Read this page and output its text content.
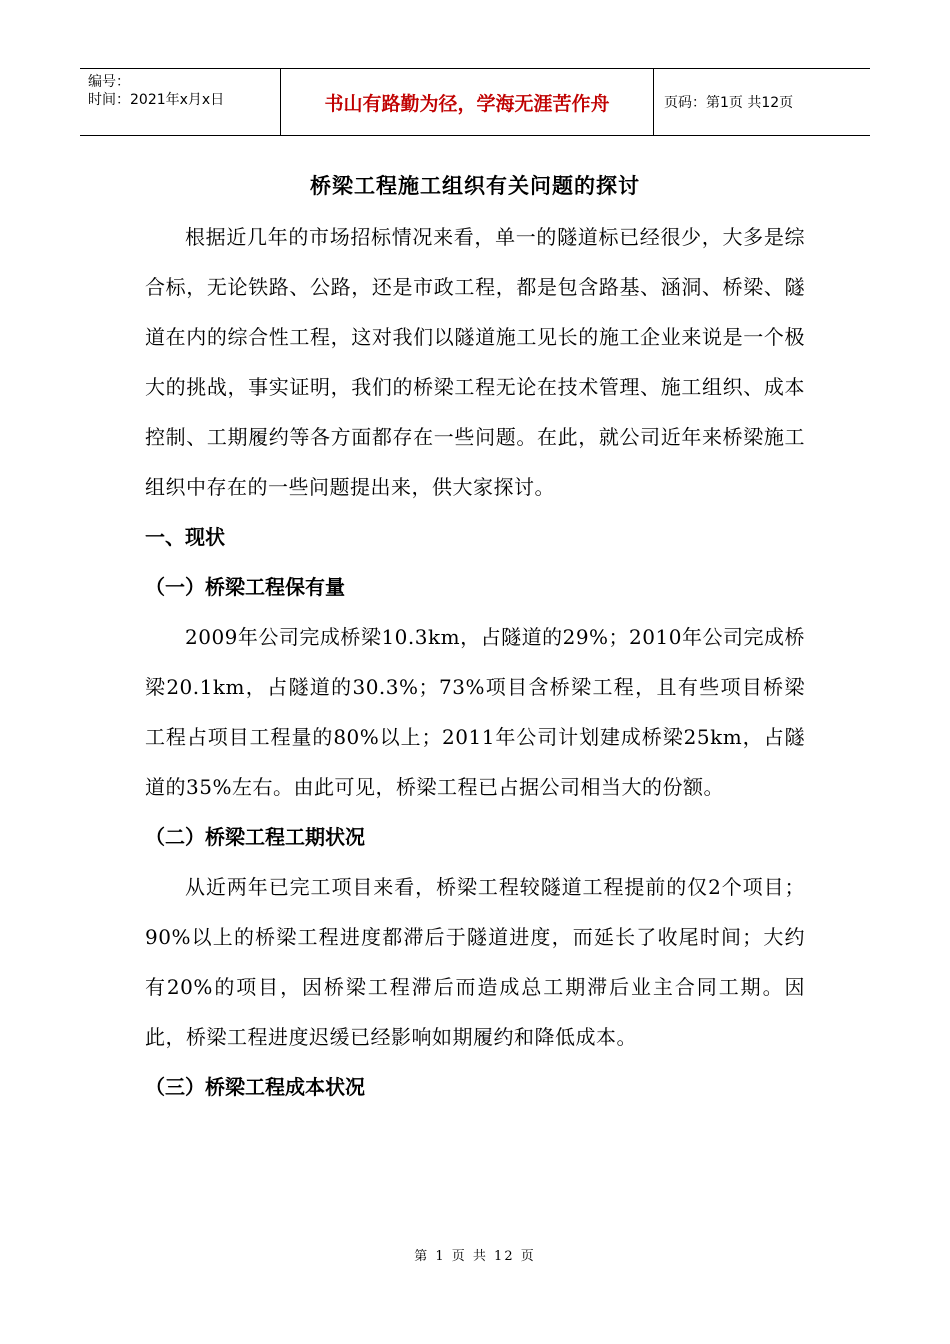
编号：
时间：2021年x月x日	书山有路勤为径，学海无涯苦作舟	页码：第1页 共12页
桥梁工程施工组织有关问题的探讨

根据近几年的市场招标情况来看，单一的隧道标已经很少，大多是综合标，无论铁路、公路，还是市政工程，都是包含路基、涵洞、桥梁、隧道在内的综合性工程，这对我们以隧道施工见长的施工企业来说是一个极大的挑战，事实证明，我们的桥梁工程无论在技术管理、施工组织、成本控制、工期履约等各方面都存在一些问题。在此，就公司近年来桥梁施工组织中存在的一些问题提出来，供大家探讨。

一、现状

（一）桥梁工程保有量

2009年公司完成桥梁10.3km，占隧道的29%；2010年公司完成桥梁20.1km，占隧道的30.3%；73%项目含桥梁工程，且有些项目桥梁工程占项目工程量的80%以上；2011年公司计划建成桥梁25km，占隧道的35%左右。由此可见，桥梁工程已占据公司相当大的份额。

（二）桥梁工程工期状况

从近两年已完工项目来看，桥梁工程较隧道工程提前的仅2个项目；90%以上的桥梁工程进度都滞后于隧道进度，而延长了收尾时间；大约有20%的项目，因桥梁工程滞后而造成总工期滞后业主合同工期。因此，桥梁工程进度迟缓已经影响如期履约和降低成本。

（三）桥梁工程成本状况

第 1 页 共 12 页
